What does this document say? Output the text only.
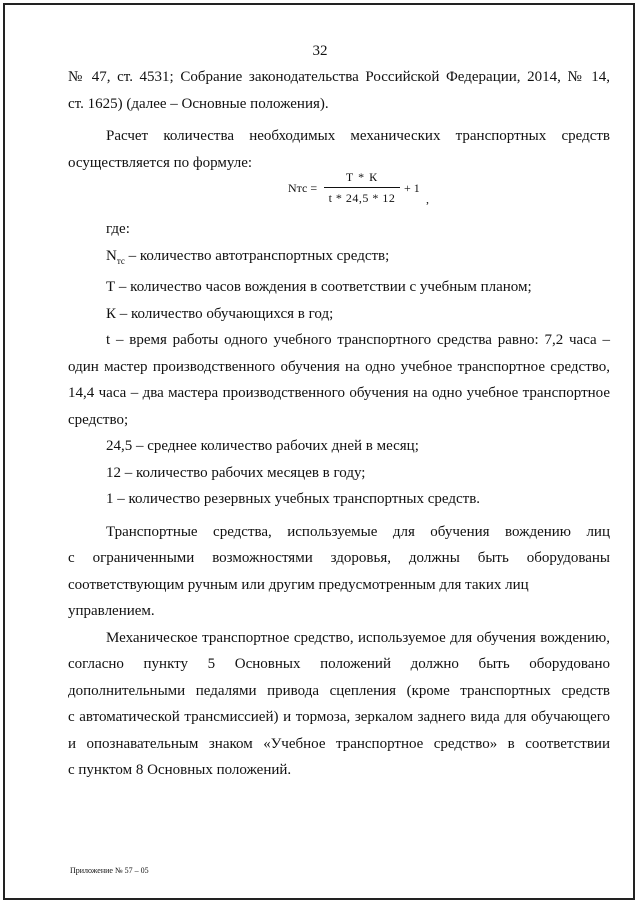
32
№ 47, ст. 4531; Собрание законодательства Российской Федерации, 2014, № 14,
ст. 1625) (далее – Основные положения).
Расчет количества необходимых механических транспортных средств
осуществляется по формуле:
Nтс =
Т * К
t * 24,5 * 12
+ 1
,
где:
$N_{тс}$ – количество автотранспортных средств;
Т – количество часов вождения в соответствии с учебным планом;
К – количество обучающихся в год;
t – время работы одного учебного транспортного средства равно: 7,2 часа –
один мастер производственного обучения на одно учебное транспортное средство,
14,4 часа – два мастера производственного обучения на одно учебное транспортное
средство;
24,5 – среднее количество рабочих дней в месяц;
12 – количество рабочих месяцев в году;
1 – количество резервных учебных транспортных средств.
Транспортные средства, используемые для обучения вождению лиц
с ограниченными возможностями здоровья, должны быть оборудованы
соответствующим ручным или другим предусмотренным для таких лиц управлением.
Механическое транспортное средство, используемое для обучения вождению,
согласно пункту 5 Основных положений должно быть оборудовано
дополнительными педалями привода сцепления (кроме транспортных средств
с автоматической трансмиссией) и тормоза, зеркалом заднего вида для обучающего
и опознавательным знаком «Учебное транспортное средство» в соответствии
с пунктом 8 Основных положений.
Приложение № 57 – 05
